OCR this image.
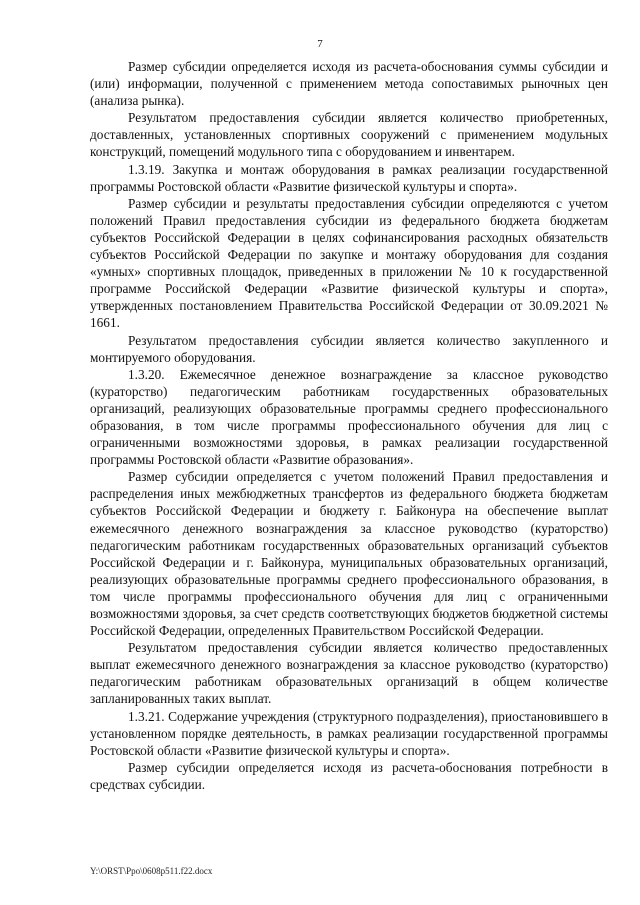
7

Размер субсидии определяется исходя из расчета-обоснования суммы субсидии и (или) информации, полученной с применением метода сопоставимых рыночных цен (анализа рынка).

Результатом предоставления субсидии является количество приобретенных, доставленных, установленных спортивных сооружений с применением модульных конструкций, помещений модульного типа с оборудованием и инвентарем.

1.3.19. Закупка и монтаж оборудования в рамках реализации государственной программы Ростовской области «Развитие физической культуры и спорта».

Размер субсидии и результаты предоставления субсидии определяются с учетом положений Правил предоставления субсидии из федерального бюджета бюджетам субъектов Российской Федерации в целях софинансирования расходных обязательств субъектов Российской Федерации по закупке и монтажу оборудования для создания «умных» спортивных площадок, приведенных в приложении № 10 к государственной программе Российской Федерации «Развитие физической культуры и спорта», утвержденных постановлением Правительства Российской Федерации от 30.09.2021 № 1661.

Результатом предоставления субсидии является количество закупленного и монтируемого оборудования.

1.3.20. Ежемесячное денежное вознаграждение за классное руководство (кураторство) педагогическим работникам государственных образовательных организаций, реализующих образовательные программы среднего профессионального образования, в том числе программы профессионального обучения для лиц с ограниченными возможностями здоровья, в рамках реализации государственной программы Ростовской области «Развитие образования».

Размер субсидии определяется с учетом положений Правил предоставления и распределения иных межбюджетных трансфертов из федерального бюджета бюджетам субъектов Российской Федерации и бюджету г. Байконура на обеспечение выплат ежемесячного денежного вознаграждения за классное руководство (кураторство) педагогическим работникам государственных образовательных организаций субъектов Российской Федерации и г. Байконура, муниципальных образовательных организаций, реализующих образовательные программы среднего профессионального образования, в том числе программы профессионального обучения для лиц с ограниченными возможностями здоровья, за счет средств соответствующих бюджетов бюджетной системы Российской Федерации, определенных Правительством Российской Федерации.

Результатом предоставления субсидии является количество предоставленных выплат ежемесячного денежного вознаграждения за классное руководство (кураторство) педагогическим работникам образовательных организаций в общем количестве запланированных таких выплат.

1.3.21. Содержание учреждения (структурного подразделения), приостановившего в установленном порядке деятельность, в рамках реализации государственной программы Ростовской области «Развитие физической культуры и спорта».

Размер субсидии определяется исходя из расчета-обоснования потребности в средствах субсидии.

Y:\ORST\Ppo\0608p511.f22.docx
